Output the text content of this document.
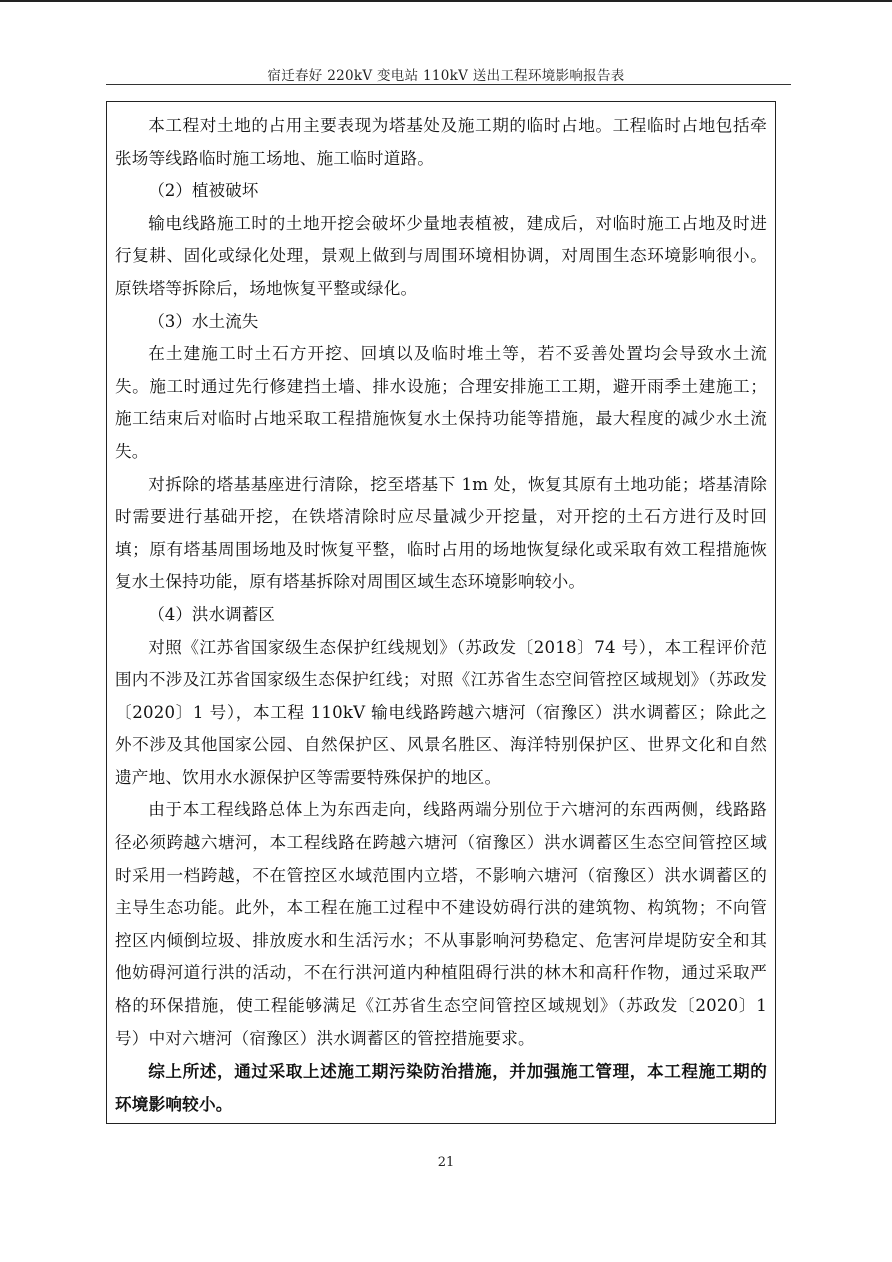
宿迁春好 220kV 变电站 110kV 送出工程环境影响报告表

本工程对土地的占用主要表现为塔基处及施工期的临时占地。工程临时占地包括牵张场等线路临时施工场地、施工临时道路。

（2）植被破坏

输电线路施工时的土地开挖会破坏少量地表植被，建成后，对临时施工占地及时进行复耕、固化或绿化处理，景观上做到与周围环境相协调，对周围生态环境影响很小。原铁塔等拆除后，场地恢复平整或绿化。

（3）水土流失

在土建施工时土石方开挖、回填以及临时堆土等，若不妥善处置均会导致水土流失。施工时通过先行修建挡土墙、排水设施；合理安排施工工期，避开雨季土建施工；施工结束后对临时占地采取工程措施恢复水土保持功能等措施，最大程度的减少水土流失。

对拆除的塔基基座进行清除，挖至塔基下 1m 处，恢复其原有土地功能；塔基清除时需要进行基础开挖，在铁塔清除时应尽量减少开挖量，对开挖的土石方进行及时回填；原有塔基周围场地及时恢复平整，临时占用的场地恢复绿化或采取有效工程措施恢复水土保持功能，原有塔基拆除对周围区域生态环境影响较小。

（4）洪水调蓄区

对照《江苏省国家级生态保护红线规划》（苏政发〔2018〕74 号），本工程评价范围内不涉及江苏省国家级生态保护红线；对照《江苏省生态空间管控区域规划》（苏政发〔2020〕1 号），本工程 110kV 输电线路跨越六塘河（宿豫区）洪水调蓄区；除此之外不涉及其他国家公园、自然保护区、风景名胜区、海洋特别保护区、世界文化和自然遗产地、饮用水水源保护区等需要特殊保护的地区。

由于本工程线路总体上为东西走向，线路两端分别位于六塘河的东西两侧，线路路径必须跨越六塘河，本工程线路在跨越六塘河（宿豫区）洪水调蓄区生态空间管控区域时采用一档跨越，不在管控区水域范围内立塔，不影响六塘河（宿豫区）洪水调蓄区的主导生态功能。此外，本工程在施工过程中不建设妨碍行洪的建筑物、构筑物；不向管控区内倾倒垃圾、排放废水和生活污水；不从事影响河势稳定、危害河岸堤防安全和其他妨碍河道行洪的活动，不在行洪河道内种植阻碍行洪的林木和高秆作物，通过采取严格的环保措施，使工程能够满足《江苏省生态空间管控区域规划》（苏政发〔2020〕1 号）中对六塘河（宿豫区）洪水调蓄区的管控措施要求。

综上所述，通过采取上述施工期污染防治措施，并加强施工管理，本工程施工期的环境影响较小。

21
